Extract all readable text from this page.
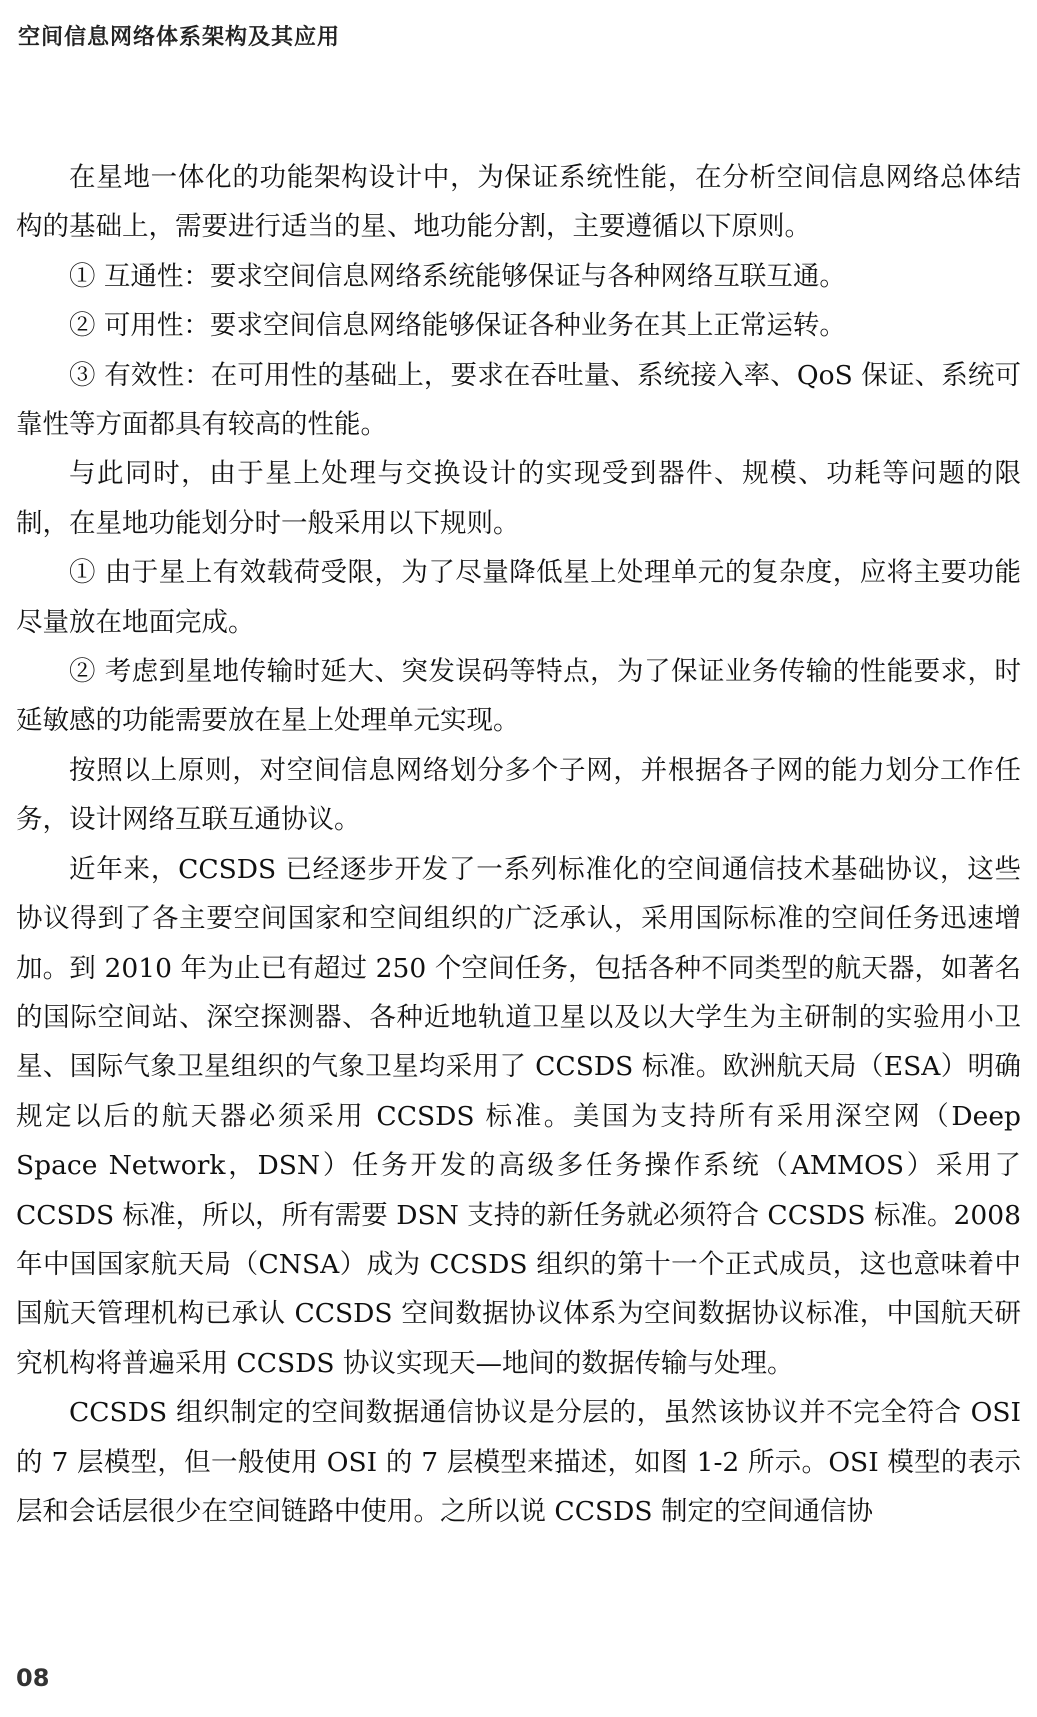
空间信息网络体系架构及其应用

在星地一体化的功能架构设计中，为保证系统性能，在分析空间信息网络总体结构的基础上，需要进行适当的星、地功能分割，主要遵循以下原则。

① 互通性：要求空间信息网络系统能够保证与各种网络互联互通。

② 可用性：要求空间信息网络能够保证各种业务在其上正常运转。

③ 有效性：在可用性的基础上，要求在吞吐量、系统接入率、QoS 保证、系统可靠性等方面都具有较高的性能。

与此同时，由于星上处理与交换设计的实现受到器件、规模、功耗等问题的限制，在星地功能划分时一般采用以下规则。

① 由于星上有效载荷受限，为了尽量降低星上处理单元的复杂度，应将主要功能尽量放在地面完成。

② 考虑到星地传输时延大、突发误码等特点，为了保证业务传输的性能要求，时延敏感的功能需要放在星上处理单元实现。

按照以上原则，对空间信息网络划分多个子网，并根据各子网的能力划分工作任务，设计网络互联互通协议。

近年来，CCSDS 已经逐步开发了一系列标准化的空间通信技术基础协议，这些协议得到了各主要空间国家和空间组织的广泛承认，采用国际标准的空间任务迅速增加。到 2010 年为止已有超过 250 个空间任务，包括各种不同类型的航天器，如著名的国际空间站、深空探测器、各种近地轨道卫星以及以大学生为主研制的实验用小卫星、国际气象卫星组织的气象卫星均采用了 CCSDS 标准。欧洲航天局（ESA）明确规定以后的航天器必须采用 CCSDS 标准。美国为支持所有采用深空网（Deep Space Network，DSN）任务开发的高级多任务操作系统（AMMOS）采用了 CCSDS 标准，所以，所有需要 DSN 支持的新任务就必须符合 CCSDS 标准。2008 年中国国家航天局（CNSA）成为 CCSDS 组织的第十一个正式成员，这也意味着中国航天管理机构已承认 CCSDS 空间数据协议体系为空间数据协议标准，中国航天研究机构将普遍采用 CCSDS 协议实现天—地间的数据传输与处理。

CCSDS 组织制定的空间数据通信协议是分层的，虽然该协议并不完全符合 OSI 的 7 层模型，但一般使用 OSI 的 7 层模型来描述，如图 1-2 所示。OSI 模型的表示层和会话层很少在空间链路中使用。之所以说 CCSDS 制定的空间通信协

08
